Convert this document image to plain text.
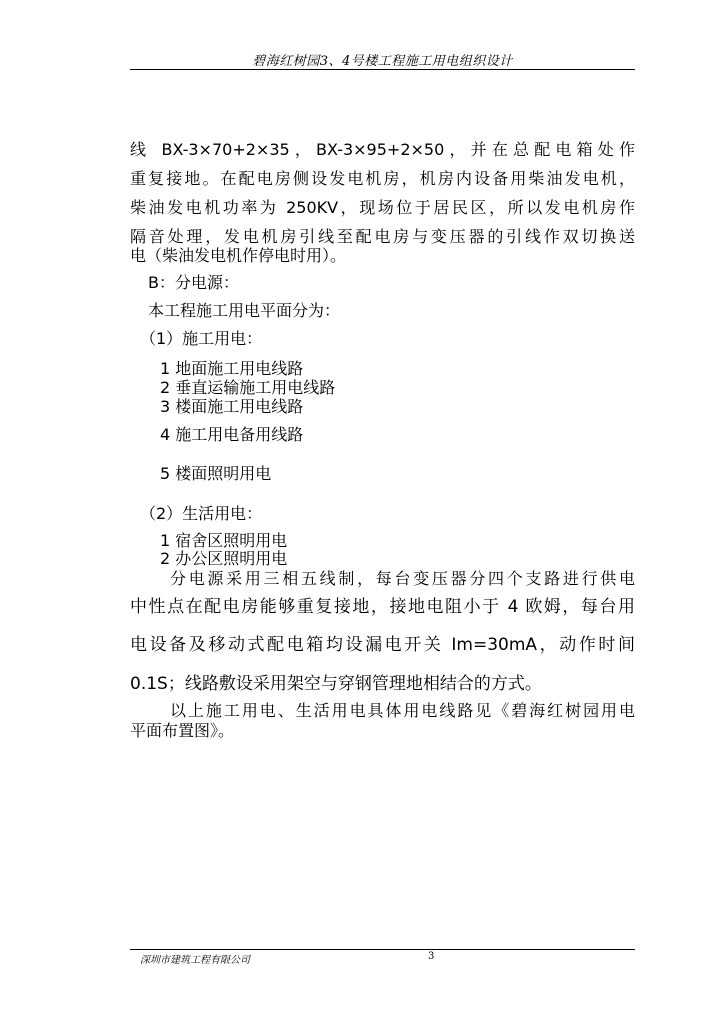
碧海红树园3、4号楼工程施工用电组织设计
线 BX-3×70+2×35，BX-3×95+2×50，并在总配电箱处作
重复接地。在配电房侧设发电机房，机房内设备用柴油发电机，
柴油发电机功率为 250KV，现场位于居民区，所以发电机房作
隔音处理，发电机房引线至配电房与变压器的引线作双切换送
电（柴油发电机作停电时用）。
B：分电源：
本工程施工用电平面分为：
（1）施工用电：
1 地面施工用电线路
2 垂直运输施工用电线路
3 楼面施工用电线路
4 施工用电备用线路
5 楼面照明用电
（2）生活用电：
1 宿舍区照明用电
2 办公区照明用电
分电源采用三相五线制，每台变压器分四个支路进行供电
中性点在配电房能够重复接地，接地电阻小于 4 欧姆，每台用
电设备及移动式配电箱均设漏电开关 Im=30mA，动作时间
0.1S；线路敷设采用架空与穿钢管理地相结合的方式。
以上施工用电、生活用电具体用电线路见《碧海红树园用电
平面布置图》。
深圳市建筑工程有限公司	3
